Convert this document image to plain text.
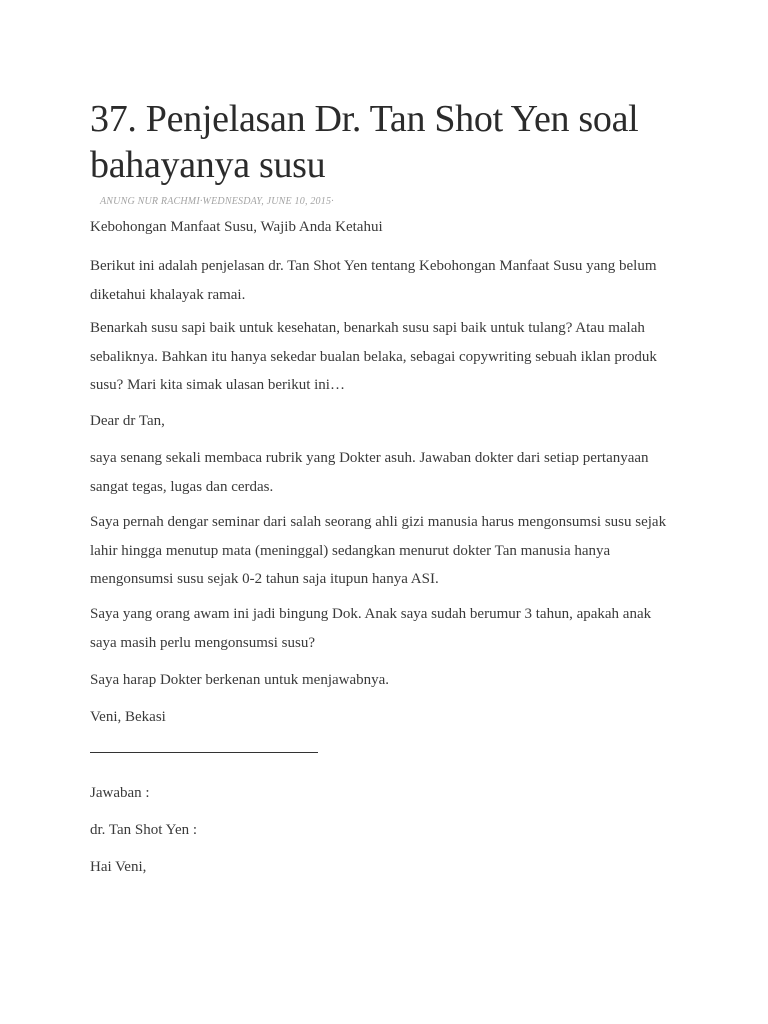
37. Penjelasan Dr. Tan Shot Yen soal bahayanya susu
ANUNG NUR RACHMI·WEDNESDAY, JUNE 10, 2015·

Kebohongan Manfaat Susu, Wajib Anda Ketahui

Berikut ini adalah penjelasan dr. Tan Shot Yen tentang Kebohongan Manfaat Susu yang belum diketahui khalayak ramai.

Benarkah susu sapi baik untuk kesehatan, benarkah susu sapi baik untuk tulang? Atau malah sebaliknya. Bahkan itu hanya sekedar bualan belaka, sebagai copywriting sebuah iklan produk susu? Mari kita simak ulasan berikut ini…

Dear dr Tan,

saya senang sekali membaca rubrik yang Dokter asuh. Jawaban dokter dari setiap pertanyaan sangat tegas, lugas dan cerdas.

Saya pernah dengar seminar dari salah seorang ahli gizi manusia harus mengonsumsi susu sejak lahir hingga menutup mata (meninggal) sedangkan menurut dokter Tan manusia hanya mengonsumsi susu sejak 0-2 tahun saja itupun hanya ASI.

Saya yang orang awam ini jadi bingung Dok. Anak saya sudah berumur 3 tahun, apakah anak saya masih perlu mengonsumsi susu?

Saya harap Dokter berkenan untuk menjawabnya.

Veni, Bekasi

Jawaban :

dr. Tan Shot Yen :

Hai Veni,
